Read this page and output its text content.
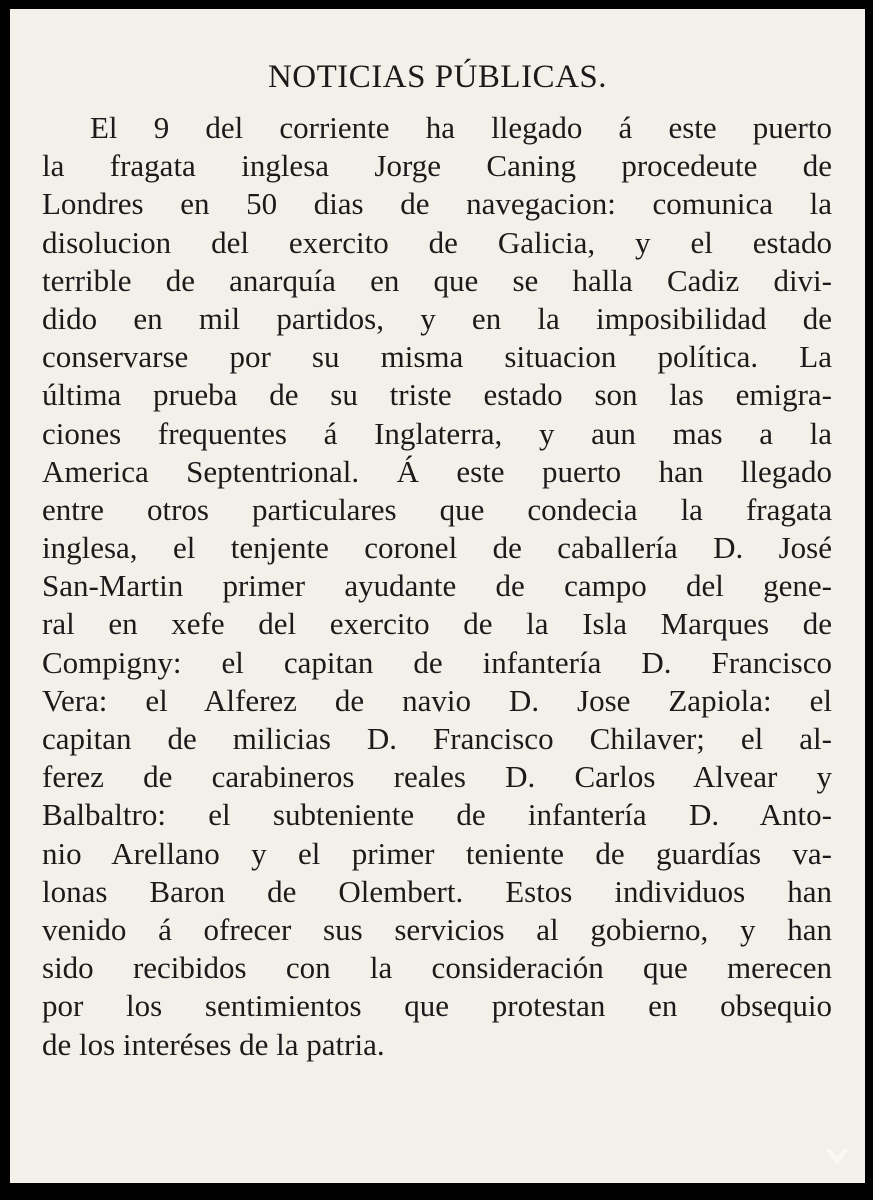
NOTICIAS PÚBLICAS.
El 9 del corriente ha llegado á este puerto
la fragata inglesa Jorge Caning procedeute de
Londres en 50 dias de navegacion: comunica la
disolucion del exercito de Galicia, y el estado
terrible de anarquía en que se halla Cadiz divi-
dido en mil partidos, y en la imposibilidad de
conservarse por su misma situacion política. La
última prueba de su triste estado son las emigra-
ciones frequentes á Inglaterra, y aun mas a la
America Septentrional. Á este puerto han llegado
entre otros particulares que condecia la fragata
inglesa, el tenjente coronel de caballería D. José
San-Martin primer ayudante de campo del gene-
ral en xefe del exercito de la Isla Marques de
Compigny: el capitan de infantería D. Francisco
Vera: el Alferez de navio D. Jose Zapiola: el
capitan de milicias D. Francisco Chilaver; el al-
ferez de carabineros reales D. Carlos Alvear y
Balbaltro: el subteniente de infantería D. Anto-
nio Arellano y el primer teniente de guardías va-
lonas Baron de Olembert. Estos individuos han
venido á ofrecer sus servicios al gobierno, y han
sido recibidos con la consideración que merecen
por los sentimientos que protestan en obsequio
de los interéses de la patria.
